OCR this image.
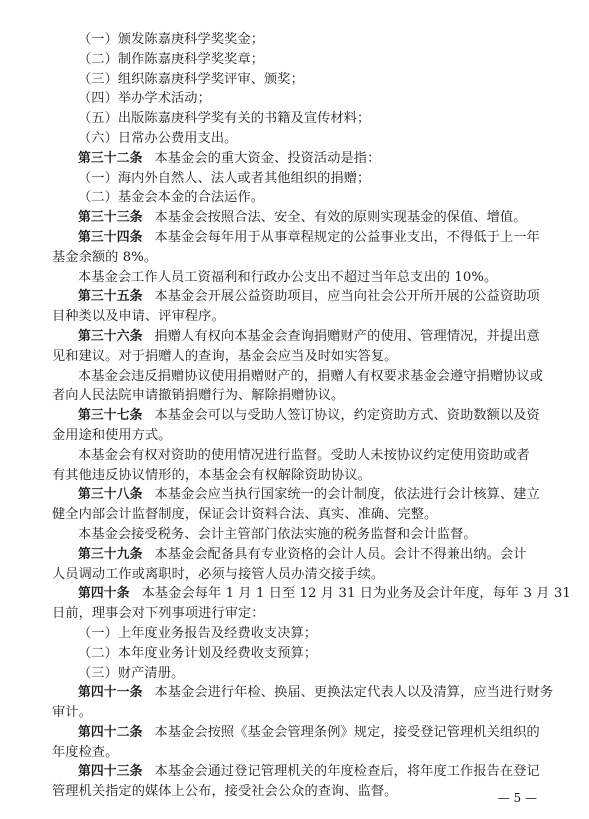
（一）颁发陈嘉庚科学奖奖金；
（二）制作陈嘉庚科学奖奖章；
（三）组织陈嘉庚科学奖评审、颁奖；
（四）举办学术活动；
（五）出版陈嘉庚科学奖有关的书籍及宣传材料；
（六）日常办公费用支出。
第三十二条 本基金会的重大资金、投资活动是指：
（一）海内外自然人、法人或者其他组织的捐赠；
（二）基金会本金的合法运作。
第三十三条 本基金会按照合法、安全、有效的原则实现基金的保值、增值。
第三十四条 本基金会每年用于从事章程规定的公益事业支出，不得低于上一年
基金余额的 8%。
本基金会工作人员工资福利和行政办公支出不超过当年总支出的 10%。
第三十五条 本基金会开展公益资助项目，应当向社会公开所开展的公益资助项
目种类以及申请、评审程序。
第三十六条 捐赠人有权向本基金会查询捐赠财产的使用、管理情况，并提出意
见和建议。对于捐赠人的查询，基金会应当及时如实答复。
本基金会违反捐赠协议使用捐赠财产的，捐赠人有权要求基金会遵守捐赠协议或
者向人民法院申请撤销捐赠行为、解除捐赠协议。
第三十七条 本基金会可以与受助人签订协议，约定资助方式、资助数额以及资
金用途和使用方式。
本基金会有权对资助的使用情况进行监督。受助人未按协议约定使用资助或者
有其他违反协议情形的，本基金会有权解除资助协议。
第三十八条 本基金会应当执行国家统一的会计制度，依法进行会计核算、建立
健全内部会计监督制度，保证会计资料合法、真实、准确、完整。
本基金会接受税务、会计主管部门依法实施的税务监督和会计监督。
第三十九条 本基金会配备具有专业资格的会计人员。会计不得兼出纳。会计
人员调动工作或离职时，必须与接管人员办清交接手续。
第四十条 本基金会每年 1 月 1 日至 12 月 31 日为业务及会计年度，每年 3 月 31
日前，理事会对下列事项进行审定：
（一）上年度业务报告及经费收支决算；
（二）本年度业务计划及经费收支预算；
（三）财产清册。
第四十一条 本基金会进行年检、换届、更换法定代表人以及清算，应当进行财务
审计。
第四十二条 本基金会按照《基金会管理条例》规定，接受登记管理机关组织的
年度检查。
第四十三条 本基金会通过登记管理机关的年度检查后，将年度工作报告在登记
管理机关指定的媒体上公布，接受社会公众的查询、监督。	— 5 —
